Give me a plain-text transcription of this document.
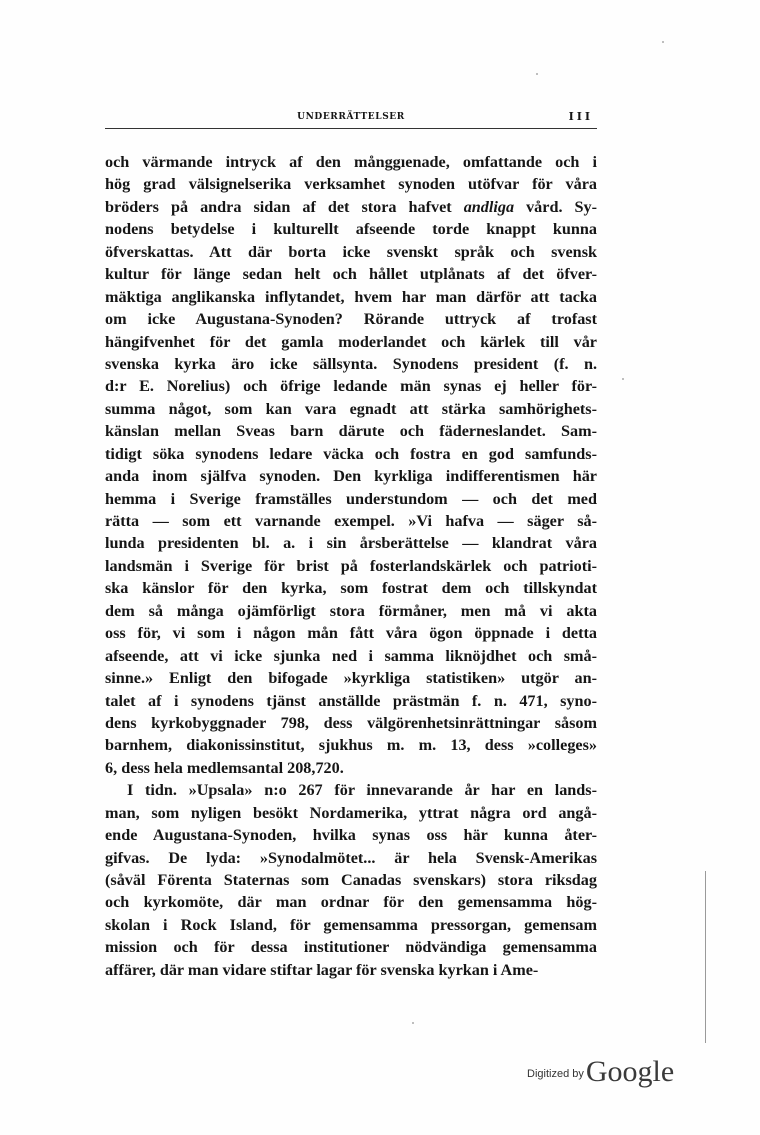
UNDERRÄTTELSER	III
och värmande intryck af den månggıenade, omfattande och i
hög grad välsignelserika verksamhet synoden utöfvar för våra
bröders på andra sidan af det stora hafvet andliga vård. Sy-
nodens betydelse i kulturellt afseende torde knappt kunna
öfverskattas. Att där borta icke svenskt språk och svensk
kultur för länge sedan helt och hållet utplånats af det öfver-
mäktiga anglikanska inflytandet, hvem har man därför att tacka
om icke Augustana-Synoden? Rörande uttryck af trofast
hängifvenhet för det gamla moderlandet och kärlek till vår
svenska kyrka äro icke sällsynta. Synodens president (f. n.
d:r E. Norelius) och öfrige ledande män synas ej heller för-
summa något, som kan vara egnadt att stärka samhörighets-
känslan mellan Sveas barn därute och fäderneslandet. Sam-
tidigt söka synodens ledare väcka och fostra en god samfunds-
anda inom själfva synoden. Den kyrkliga indifferentismen här
hemma i Sverige framställes understundom — och det med
rätta — som ett varnande exempel. »Vi hafva — säger så-
lunda presidenten bl. a. i sin årsberättelse — klandrat våra
landsmän i Sverige för brist på fosterlandskärlek och patrioti-
ska känslor för den kyrka, som fostrat dem och tillskyndat
dem så många ojämförligt stora förmåner, men må vi akta
oss för, vi som i någon mån fått våra ögon öppnade i detta
afseende, att vi icke sjunka ned i samma liknöjdhet och små-
sinne.» Enligt den bifogade »kyrkliga statistiken» utgör an-
talet af i synodens tjänst anställde prästmän f. n. 471, syno-
dens kyrkobyggnader 798, dess välgörenhetsinrättningar såsom
barnhem, diakonissinstitut, sjukhus m. m. 13, dess »colleges»
6, dess hela medlemsantal 208,720.
I tidn. »Upsala» n:o 267 för innevarande år har en lands-
man, som nyligen besökt Nordamerika, yttrat några ord angå-
ende Augustana-Synoden, hvilka synas oss här kunna åter-
gifvas. De lyda: »Synodalmötet... är hela Svensk-Amerikas
(såväl Förenta Staternas som Canadas svenskars) stora riksdag
och kyrkomöte, där man ordnar för den gemensamma hög-
skolan i Rock Island, för gemensamma pressorgan, gemensam
mission och för dessa institutioner nödvändiga gemensamma
affärer, där man vidare stiftar lagar för svenska kyrkan i Ame-
Digitized by Google
